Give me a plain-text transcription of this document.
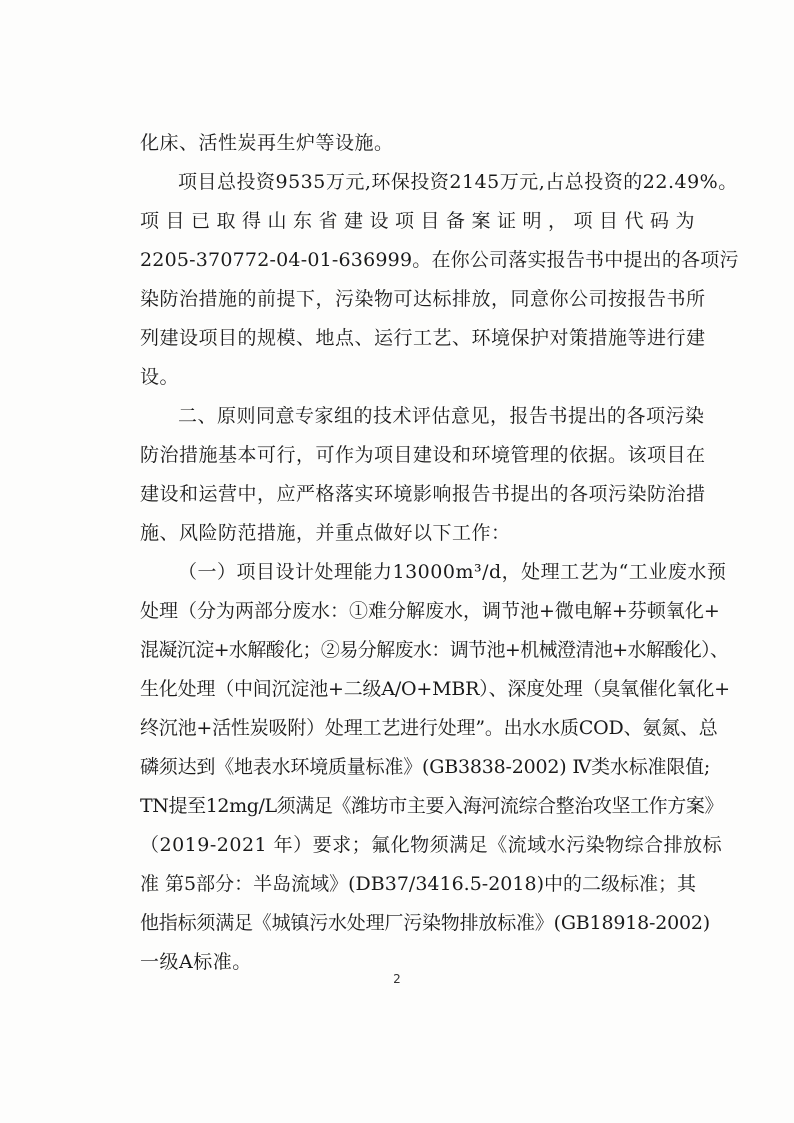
化床、活性炭再生炉等设施。
项目总投资9535万元,环保投资2145万元,占总投资的22.49%。
项目已取得山东省建设项目备案证明，项目代码为
2205-370772-04-01-636999。在你公司落实报告书中提出的各项污
染防治措施的前提下，污染物可达标排放，同意你公司按报告书所
列建设项目的规模、地点、运行工艺、环境保护对策措施等进行建
设。
二、原则同意专家组的技术评估意见，报告书提出的各项污染
防治措施基本可行，可作为项目建设和环境管理的依据。该项目在
建设和运营中，应严格落实环境影响报告书提出的各项污染防治措
施、风险防范措施，并重点做好以下工作：
（一）项目设计处理能力13000m³/d，处理工艺为“工业废水预
处理（分为两部分废水：①难分解废水，调节池+微电解+芬顿氧化+
混凝沉淀+水解酸化；②易分解废水：调节池+机械澄清池+水解酸化）、
生化处理（中间沉淀池+二级A/O+MBR）、深度处理（臭氧催化氧化+
终沉池+活性炭吸附）处理工艺进行处理”。出水水质COD、氨氮、总
磷须达到《地表水环境质量标准》(GB3838-2002) Ⅳ类水标准限值;
TN提至12mg/L须满足《潍坊市主要入海河流综合整治攻坚工作方案》
（2019-2021 年）要求；氟化物须满足《流域水污染物综合排放标
准 第5部分：半岛流域》(DB37/3416.5-2018)中的二级标准；其
他指标须满足《城镇污水处理厂污染物排放标准》(GB18918-2002)
一级A标准。
2
